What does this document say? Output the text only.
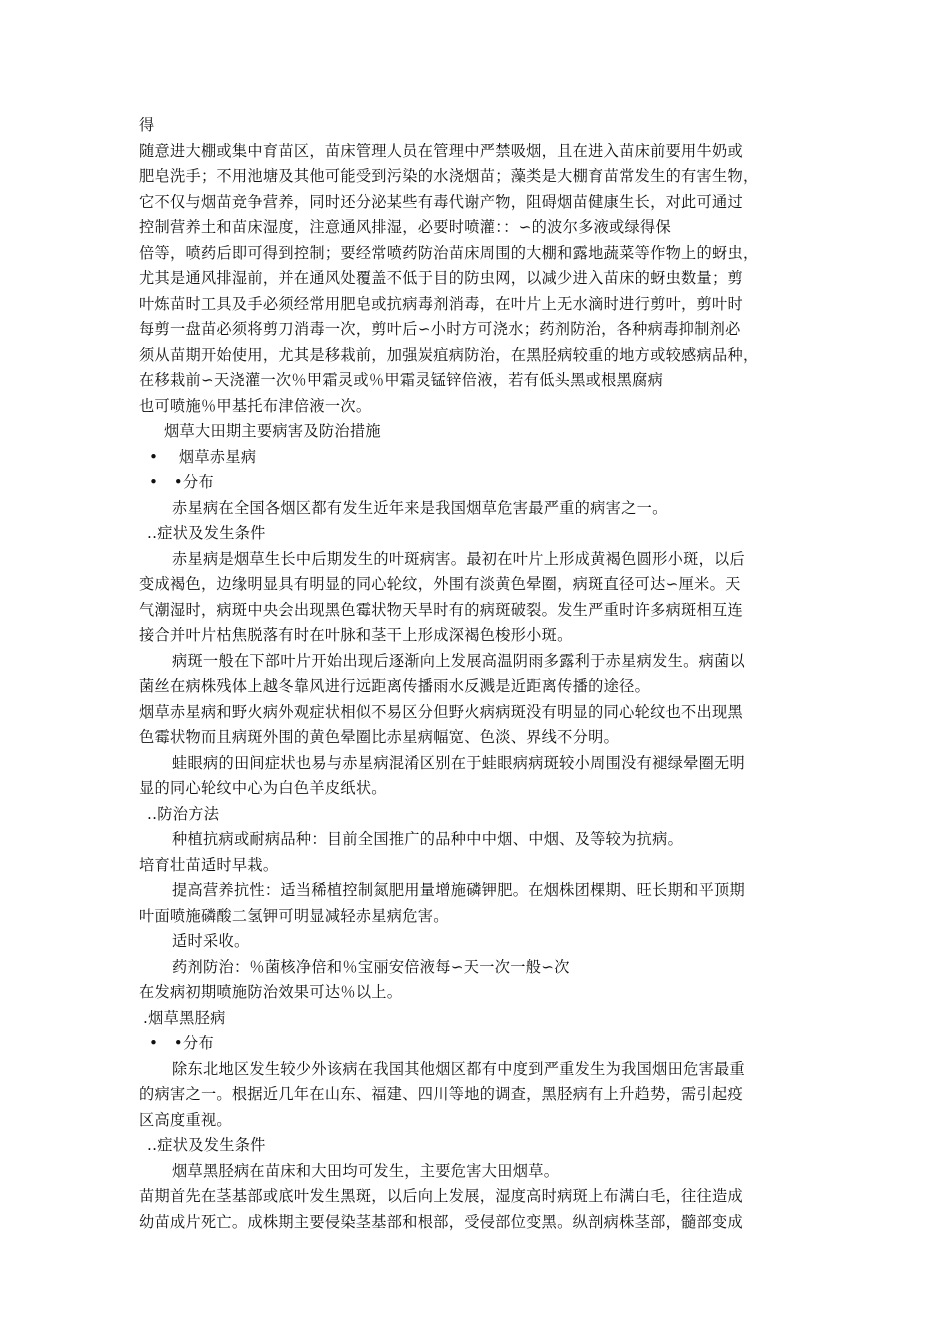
得
随意进大棚或集中育苗区，苗床管理人员在管理中严禁吸烟，且在进入苗床前要用牛奶或
肥皂洗手；不用池塘及其他可能受到污染的水浇烟苗；藻类是大棚育苗常发生的有害生物，
它不仅与烟苗竞争营养，同时还分泌某些有毒代谢产物，阻碍烟苗健康生长，对此可通过
控制营养土和苗床湿度，注意通风排湿，必要时喷灌：：∽的波尔多液或绿得保
倍等，喷药后即可得到控制；要经常喷药防治苗床周围的大棚和露地蔬菜等作物上的蚜虫，
尤其是通风排湿前，并在通风处覆盖不低于目的防虫网，以减少进入苗床的蚜虫数量；剪
叶炼苗时工具及手必须经常用肥皂或抗病毒剂消毒，在叶片上无水滴时进行剪叶，剪叶时
每剪一盘苗必须将剪刀消毒一次，剪叶后∽小时方可浇水；药剂防治，各种病毒抑制剂必
须从苗期开始使用，尤其是移栽前，加强炭疽病防治，在黑胫病较重的地方或较感病品种，
在移栽前∽天浇灌一次％甲霜灵或％甲霜灵锰锌倍液，若有低头黑或根黑腐病
也可喷施％甲基托布津倍液一次。
烟草大田期主要病害及防治措施
•　 烟草赤星病
•　•分布
赤星病在全国各烟区都有发生近年来是我国烟草危害最严重的病害之一。
..症状及发生条件
赤星病是烟草生长中后期发生的叶斑病害。最初在叶片上形成黄褐色圆形小斑，以后
变成褐色，边缘明显具有明显的同心轮纹，外围有淡黄色晕圈，病斑直径可达∽厘米。天
气潮湿时，病斑中央会出现黑色霉状物天旱时有的病斑破裂。发生严重时许多病斑相互连
接合并叶片枯焦脱落有时在叶脉和茎干上形成深褐色梭形小斑。
病斑一般在下部叶片开始出现后逐渐向上发展高温阴雨多露利于赤星病发生。病菌以
菌丝在病株残体上越冬靠风进行远距离传播雨水反溅是近距离传播的途径。
烟草赤星病和野火病外观症状相似不易区分但野火病病斑没有明显的同心轮纹也不出现黑
色霉状物而且病斑外围的黄色晕圈比赤星病幅宽、色淡、界线不分明。
蛙眼病的田间症状也易与赤星病混淆区别在于蛙眼病病斑较小周围没有褪绿晕圈无明
显的同心轮纹中心为白色羊皮纸状。
..防治方法
种植抗病或耐病品种：目前全国推广的品种中中烟、中烟、及等较为抗病。
培育壮苗适时早栽。
提高营养抗性：适当稀植控制氮肥用量增施磷钾肥。在烟株团棵期、旺长期和平顶期
叶面喷施磷酸二氢钾可明显减轻赤星病危害。
适时采收。
药剂防治：％菌核净倍和％宝丽安倍液每∽天一次一般∽次
在发病初期喷施防治效果可达％以上。
.烟草黑胫病
•　•分布
除东北地区发生较少外该病在我国其他烟区都有中度到严重发生为我国烟田危害最重
的病害之一。根据近几年在山东、福建、四川等地的调查，黑胫病有上升趋势，需引起疫
区高度重视。
..症状及发生条件
烟草黑胫病在苗床和大田均可发生，主要危害大田烟草。
苗期首先在茎基部或底叶发生黑斑，以后向上发展，湿度高时病斑上布满白毛，往往造成
幼苗成片死亡。成株期主要侵染茎基部和根部，受侵部位变黑。纵剖病株茎部，髓部变成
